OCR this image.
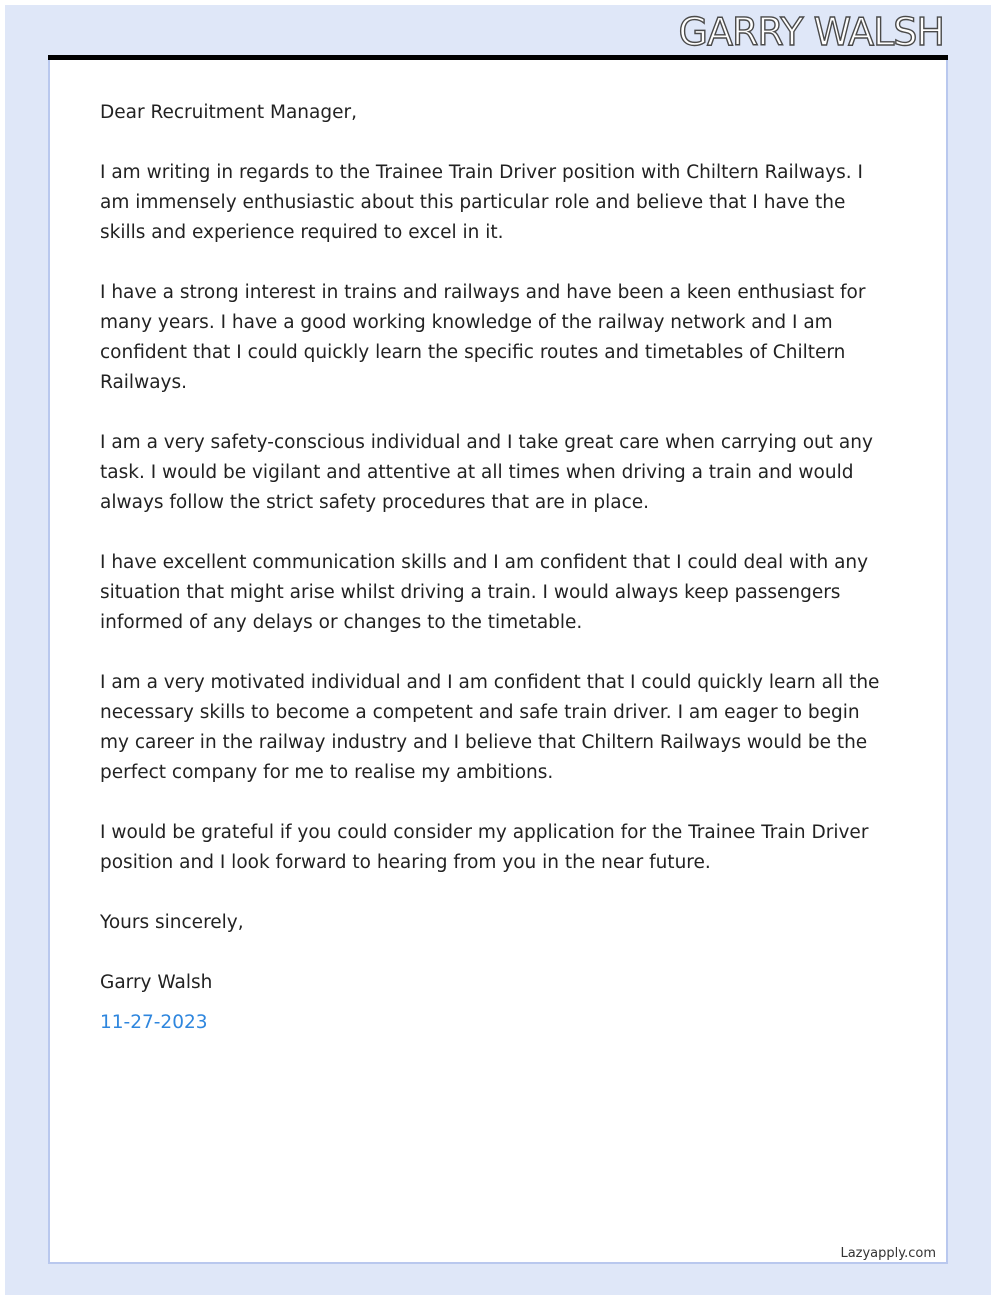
GARRY WALSH

Dear Recruitment Manager,

I am writing in regards to the Trainee Train Driver position with Chiltern Railways. I am immensely enthusiastic about this particular role and believe that I have the skills and experience required to excel in it.

I have a strong interest in trains and railways and have been a keen enthusiast for many years. I have a good working knowledge of the railway network and I am confident that I could quickly learn the specific routes and timetables of Chiltern Railways.

I am a very safety-conscious individual and I take great care when carrying out any task. I would be vigilant and attentive at all times when driving a train and would always follow the strict safety procedures that are in place.

I have excellent communication skills and I am confident that I could deal with any situation that might arise whilst driving a train. I would always keep passengers informed of any delays or changes to the timetable.

I am a very motivated individual and I am confident that I could quickly learn all the necessary skills to become a competent and safe train driver. I am eager to begin my career in the railway industry and I believe that Chiltern Railways would be the perfect company for me to realise my ambitions.

I would be grateful if you could consider my application for the Trainee Train Driver position and I look forward to hearing from you in the near future.

Yours sincerely,

Garry Walsh

11-27-2023

Lazyapply.com
